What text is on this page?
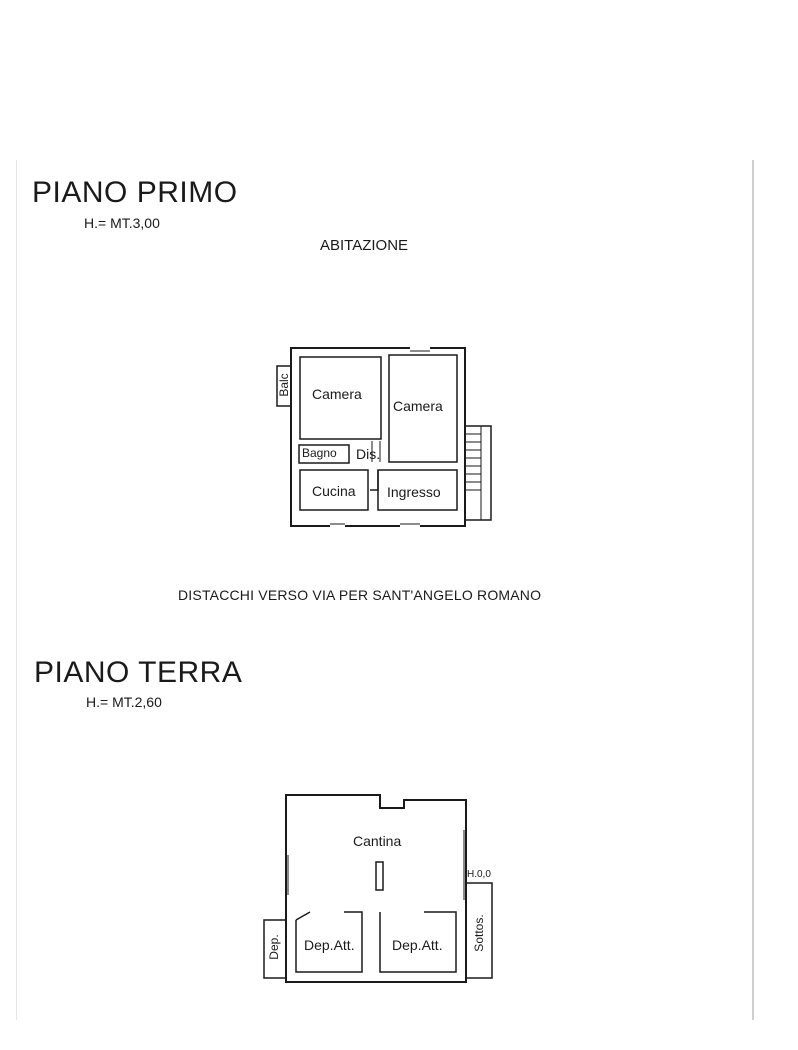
PIANO PRIMO
H.= MT.3,00
ABITAZIONE
DISTACCHI VERSO VIA PER SANT'ANGELO ROMANO
PIANO TERRA
H.= MT.2,60
Balc Camera
Camera
Bagno Dis.
Cucina Ingresso
Cantina
Dep. Dep.Att.	Dep.Att. Sottos.
H.0,0
